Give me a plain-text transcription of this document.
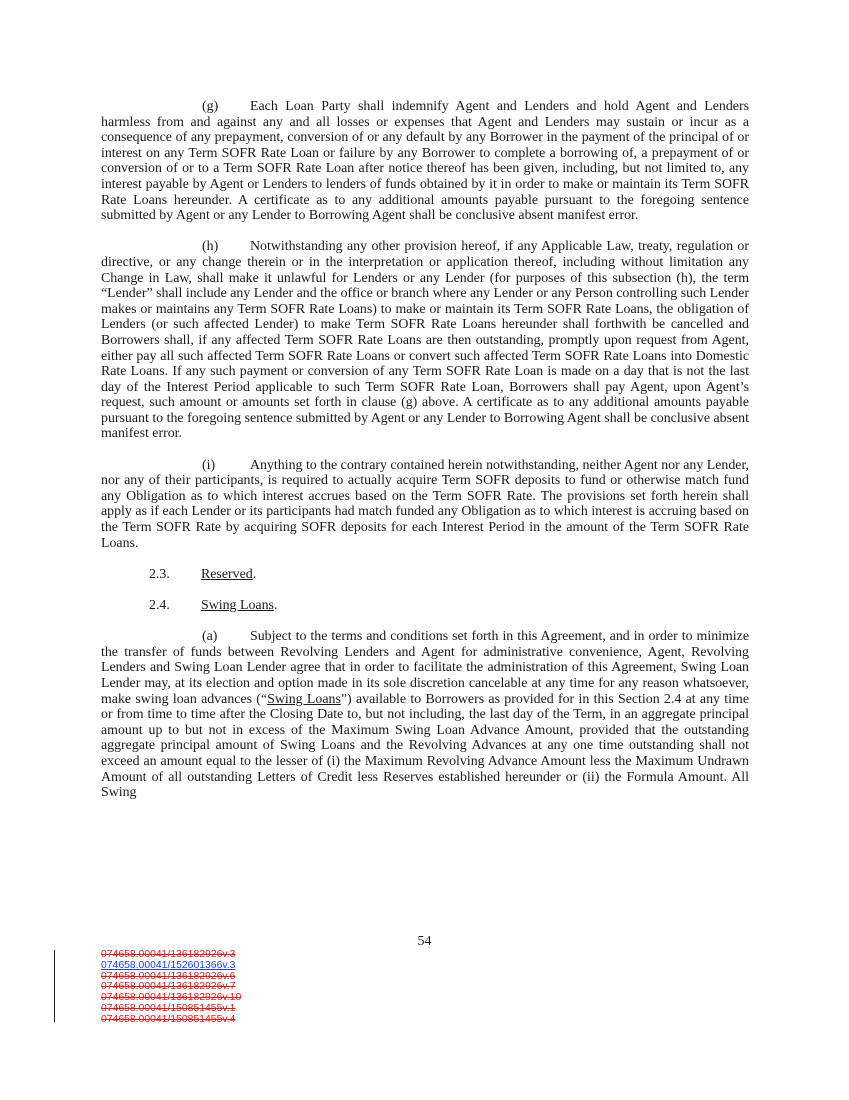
(g) Each Loan Party shall indemnify Agent and Lenders and hold Agent and Lenders harmless from and against any and all losses or expenses that Agent and Lenders may sustain or incur as a consequence of any prepayment, conversion of or any default by any Borrower in the payment of the principal of or interest on any Term SOFR Rate Loan or failure by any Borrower to complete a borrowing of, a prepayment of or conversion of or to a Term SOFR Rate Loan after notice thereof has been given, including, but not limited to, any interest payable by Agent or Lenders to lenders of funds obtained by it in order to make or maintain its Term SOFR Rate Loans hereunder. A certificate as to any additional amounts payable pursuant to the foregoing sentence submitted by Agent or any Lender to Borrowing Agent shall be conclusive absent manifest error.

(h) Notwithstanding any other provision hereof, if any Applicable Law, treaty, regulation or directive, or any change therein or in the interpretation or application thereof, including without limitation any Change in Law, shall make it unlawful for Lenders or any Lender (for purposes of this subsection (h), the term “Lender” shall include any Lender and the office or branch where any Lender or any Person controlling such Lender makes or maintains any Term SOFR Rate Loans) to make or maintain its Term SOFR Rate Loans, the obligation of Lenders (or such affected Lender) to make Term SOFR Rate Loans hereunder shall forthwith be cancelled and Borrowers shall, if any affected Term SOFR Rate Loans are then outstanding, promptly upon request from Agent, either pay all such affected Term SOFR Rate Loans or convert such affected Term SOFR Rate Loans into Domestic Rate Loans. If any such payment or conversion of any Term SOFR Rate Loan is made on a day that is not the last day of the Interest Period applicable to such Term SOFR Rate Loan, Borrowers shall pay Agent, upon Agent’s request, such amount or amounts set forth in clause (g) above. A certificate as to any additional amounts payable pursuant to the foregoing sentence submitted by Agent or any Lender to Borrowing Agent shall be conclusive absent manifest error.

(i)	Anything to the contrary contained herein notwithstanding, neither Agent nor any Lender, nor any of their participants, is required to actually acquire Term SOFR deposits to fund or otherwise match fund any Obligation as to which interest accrues based on the Term SOFR Rate. The provisions set forth herein shall apply as if each Lender or its participants had match funded any Obligation as to which interest is accruing based on the Term SOFR Rate by acquiring SOFR deposits for each Interest Period in the amount of the Term SOFR Rate Loans.

2.3. Reserved.
2.4. Swing Loans.

(a) Subject to the terms and conditions set forth in this Agreement, and in order to minimize the transfer of funds between Revolving Lenders and Agent for administrative convenience, Agent, Revolving Lenders and Swing Loan Lender agree that in order to facilitate the administration of this Agreement, Swing Loan Lender may, at its election and option made in its sole discretion cancelable at any time for any reason whatsoever, make swing loan advances (“Swing Loans”) available to Borrowers as provided for in this Section 2.4 at any time or from time to time after the Closing Date to, but not including, the last day of the Term, in an aggregate principal amount up to but not in excess of the Maximum Swing Loan Advance Amount, provided that the outstanding aggregate principal amount of Swing Loans and the Revolving Advances at any one time outstanding shall not exceed an amount equal to the lesser of (i) the Maximum Revolving Advance Amount less the Maximum Undrawn Amount of all outstanding Letters of Credit less Reserves established hereunder or (ii) the Formula Amount. All Swing

54
074658.00041/136182926v.3
074658.00041/152601366v.3
074658.00041/136182926v.6
074658.00041/136182926v.7
074658.00041/136182926v.10
074658.00041/150851455v.1
074658.00041/150851455v.4
